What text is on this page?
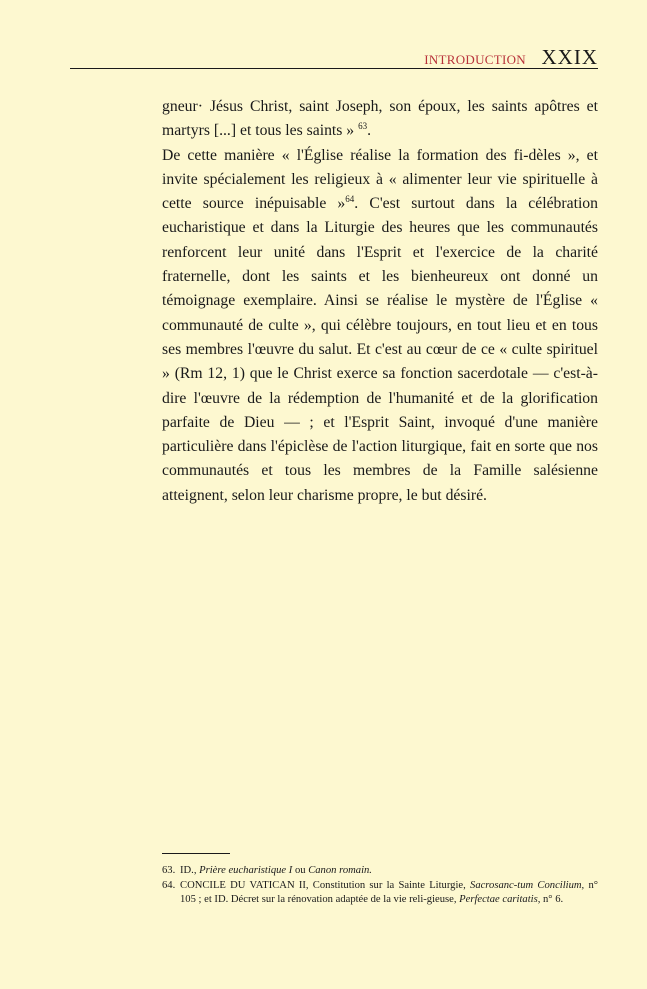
INTRODUCTION XXIX

gneur· Jésus Christ, saint Joseph, son époux, les saints apôtres et martyrs [...] et tous les saints » $^{63}$.

De cette manière « l'Église réalise la formation des fi-dèles », et invite spécialement les religieux à « alimenter leur vie spirituelle à cette source inépuisable »$^{64}$. C'est surtout dans la célébration eucharistique et dans la Liturgie des heures que les communautés renforcent leur unité dans l'Esprit et l'exercice de la charité fraternelle, dont les saints et les bienheureux ont donné un témoignage exemplaire. Ainsi se réalise le mystère de l'Église « communauté de culte », qui célèbre toujours, en tout lieu et en tous ses membres l'œuvre du salut. Et c'est au cœur de ce « culte spirituel » (Rm 12, 1) que le Christ exerce sa fonction sacerdotale — c'est-à-dire l'œuvre de la rédemption de l'humanité et de la glorification parfaite de Dieu — ; et l'Esprit Saint, invoqué d'une manière particulière dans l'épiclèse de l'action liturgique, fait en sorte que nos communautés et tous les membres de la Famille salésienne atteignent, selon leur charisme propre, le but désiré.

63. ID., Prière eucharistique I ou Canon romain.
64. CONCILE DU VATICAN II, Constitution sur la Sainte Liturgie, Sacrosanc-tum Concilium, n° 105 ; et ID. Décret sur la rénovation adaptée de la vie reli-gieuse, Perfectae caritatis, n° 6.
